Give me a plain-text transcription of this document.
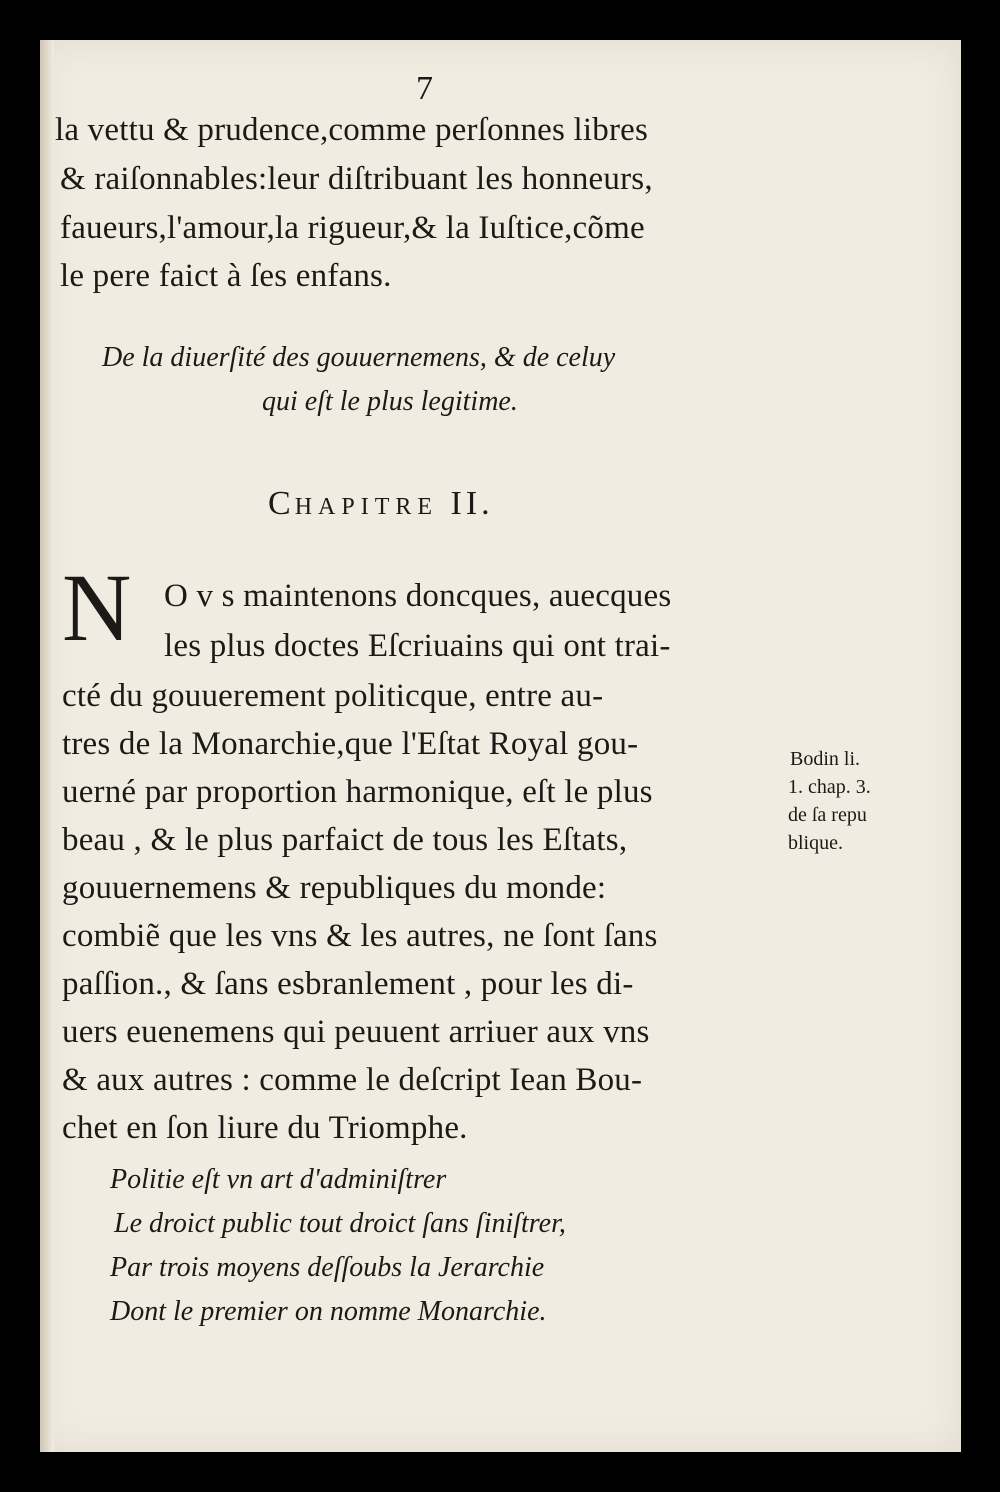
7
la vettu & prudence,comme perſonnes libres
& raiſonnables:leur diſtribuant les honneurs,
faueurs,l'amour,la rigueur,& la Iuſtice,cõme
le pere faict à ſes enfans.
De la diuerſité des gouuernemens, & de celuy
qui eſt le plus legitime.
CHAPITRE II.
N O v s maintenons doncques, auecques
les plus doctes Eſcriuains qui ont trai-
cté du gouuerement politicque, entre au-
tres de la Monarchie,que l'Eſtat Royal gou-
uerné par proportion harmonique, eſt le plus
beau , & le plus parfaict de tous les Eſtats,
gouuernemens & republiques du monde:
combiẽ que les vns & les autres, ne ſont ſans
paſſion., & ſans esbranlement , pour les di-
uers euenemens qui peuuent arriuer aux vns
& aux autres : comme le deſcript Iean Bou-
chet en ſon liure du Triomphe.
Bodin li.
1. chap. 3.
de ſa repu
blique.
Politie eſt vn art d'adminiſtrer
Le droict public tout droict ſans ſiniſtrer,
Par trois moyens deſſoubs la Jerarchie
Dont le premier on nomme Monarchie.
